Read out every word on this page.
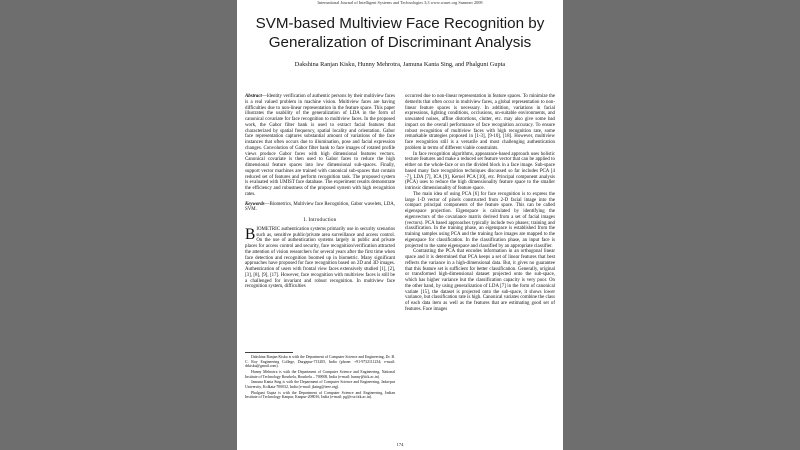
International Journal of Intelligent Systems and Technologies 3;3 www.waset.org Summer 2008
SVM-based Multiview Face Recognition by Generalization of Discriminant Analysis
Dakshina Ranjan Kisku, Hunny Mehrotra, Jamuna Kanta Sing, and Phalguni Gupta

Abstract—Identity verification of authentic persons by their multiview faces is a real valued problem in machine vision. Multiview faces are having difficulties due to non-linear representation in the feature space. This paper illustrates the usability of the generalization of LDA in the form of canonical covariate for face recognition to multiview faces. In the proposed work, the Gabor filter bank is used to extract facial features that characterized by spatial frequency, spatial locality and orientation. Gabor face representation captures substantial amount of variations of the face instances that often occurs due to illumination, pose and facial expression changes. Convolution of Gabor filter bank to face images of rotated profile views produce Gabor faces with high dimensional features vectors. Canonical covariate is then used to Gabor faces to reduce the high dimensional feature spaces into low dimensional sub-spaces. Finally, support vector machines are trained with canonical sub-spaces that contain reduced set of features and perform recognition task. The proposed system is evaluated with UMIST face database. The experiment results demonstrate the efficiency and robustness of the proposed system with high recognition rates.

Keywords—Biometrics, Multiview face Recognition, Gabor wavelets, LDA, SVM.

I. Introduction

BIOMETRIC authentication systems primarily use in security scenarios such as, sensitive public/private area surveillance and access control. On the use of authentication systems largely in public and private places for access control and security, face recognition/verification attracted the attention of vision researchers for several years after the first time when face detection and recognition boomed up in biometric. Many significant approaches have proposed for face recognition based on 2D and 3D images. Authentication of users with frontal view faces extensively studied [1], [2], [3], [8], [9], [17]. However, face recognition with multiview faces is still be a challenged for invariant and robust recognition. In multiview face recognition system, difficulties

Dakshina Ranjan Kisku is with the Department of Computer Science and Engineering, Dr. B. C. Roy Engineering College, Durgapur-713205, India (phone: +91-9732111234; e-mail: drkisku@gmail.com).

Hunny Mehrotra is with the Department of Computer Science and Engineering, National Institute of Technology Rourkela, Rourkela – 769008, India (e-mail: hunny@iitk.ac.in).

Jamuna Kanta Sing is with the Department of Computer Science and Engineering, Jadavpur University, Kolkata-700032, India (e-mail: jksing@ieee.org).

Phalguni Gupta is with the Department of Computer Science and Engineering, Indian Institute of Technology Kanpur, Kanpur-208016, India (e-mail: pg@cse.iitk.ac.in).

occurred due to non-linear representation in feature spaces. To minimize the demerits that often occur in multiview faces, a global representation to non-linear feature spaces is necessary. In addition, variations in facial expressions, lighting conditions, occlusions, un-suitable environments, and unwanted noises, affine distortions, clutter, etc. may also give some bad impact on the overall performance of face recognition accuracy. To ensure robust recognition of multiview faces with high recognition rate, some remarkable strategies proposed in [1-3], [9-10], [18]. However, multiview face recognition still is a versatile and most challenging authentication problem in terms of different viable constraints.

In face recognition algorithms, appearance-based approach uses holistic texture features and make a reduced set feature vector that can be applied to either on the whole-face or on the divided block in a face image. Sub-space based many face recognition techniques discussed so far includes PCA [4 -7], LDA [7], ICA [9], Kernel PCA [10], etc. Principal component analysis (PCA) uses to reduce the high dimensionality feature space to the smaller intrinsic dimensionality of feature space.

The main idea of using PCA [6] for face recognition is to express the large 1-D vector of pixels constructed from 2-D facial image into the compact principal components of the feature space. This can be called eigenspace projection. Eigenspace is calculated by identifying the eigenvectors of the covariance matrix derived from a set of facial images (vectors). PCA based approaches typically include two phases; training and classification. In the training phase, an eigenspace is established from the training samples using PCA and the training face images are mapped to the eigenspace for classification. In the classification phase, an input face is projected to the same eigenspace and classified by an appropriate classifier.

Contrasting the PCA that encodes information in an orthogonal linear space and it is determined that PCA keeps a set of linear features that best reflects the variance in a high-dimensional data. But, it gives no guarantee that this feature set is sufficient for better classification. Generally, original or transformed high-dimensional dataset projected onto the sub-space, which has higher variance but the classification capacity is very poor. On the other hand, by using generalization of LDA [7] in the form of canonical variate [15], the dataset is projected onto the sub-space, it shows lower variance, but classification rate is high. Canonical variates combine the class of each data item as well as the features that are estimating good set of features. Face images

174
